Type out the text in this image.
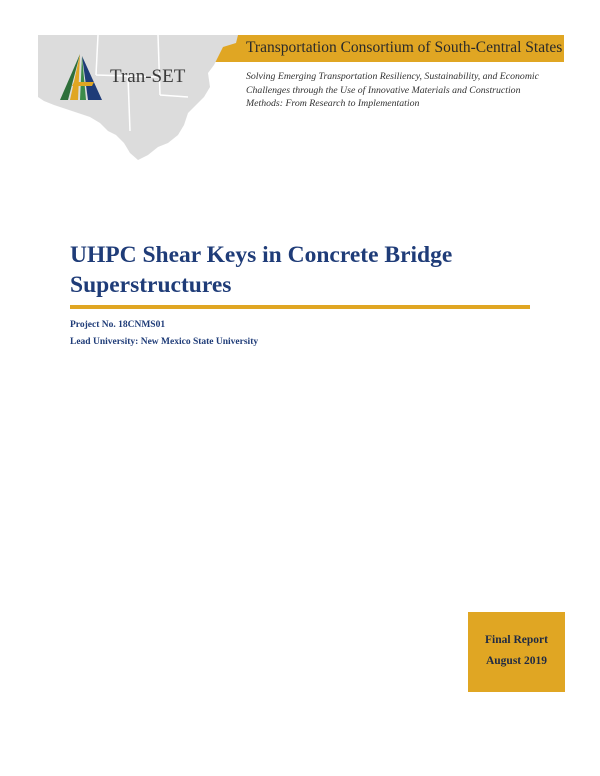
Transportation Consortium of South-Central States
Tran-SET	Solving Emerging Transportation Resiliency, Sustainability, and Economic Challenges through the Use of Innovative Materials and Construction Methods: From Research to Implementation
UHPC Shear Keys in Concrete Bridge Superstructures
Project No. 18CNMS01
Lead University: New Mexico State University
Final Report
August 2019
